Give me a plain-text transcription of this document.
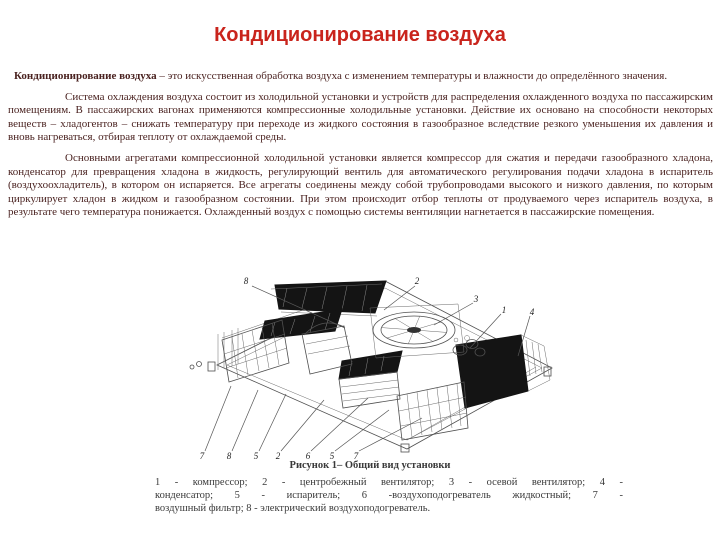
Кондиционирование воздуха

Кондиционирование воздуха – это искусственная обработка воздуха с изменением температуры и влажности до определённого значения.

Система охлаждения воздуха состоит из холодильной установки и устройств для распределения охлажденного воздуха по пассажирским помещениям. В пассажирских вагонах применяются компрессионные холодильные установки. Действие их основано на способности некоторых веществ – хладогентов – снижать температуру при переходе из жидкого состояния в газообразное вследствие резкого уменьшения их давления и вновь нагреваться, отбирая теплоту от охлаждаемой среды.

Основными агрегатами компрессионной холодильной установки является компрессор для сжатия и передачи газообразного хладона, конденсатор для превращения хладона в жидкость, регулирующий вентиль для автоматического регулирования подачи хладона в испаритель (воздухоохладитель), в котором он испаряется. Все агрегаты соединены между собой трубопроводами высокого и низкого давления, по которым циркулирует хладон в жидком и газообразном состоянии. При этом происходит отбор теплоты от продуваемого через испаритель воздуха, в результате чего температура понижается. Охлажденный воздух с помощью системы вентиляции нагнетается в пассажирские помещения.

8	2
3
1	4
7	8	5 2	6 5 7
Рисунок 1– Общий вид установки
1 - компрессор; 2 - центробежный вентилятор; 3 - осевой вентилятор; 4 -
конденсатор; 5 - испаритель; 6 -воздухоподогреватель жидкостный; 7 -
воздушный фильтр; 8 - электрический воздухоподогреватель.
